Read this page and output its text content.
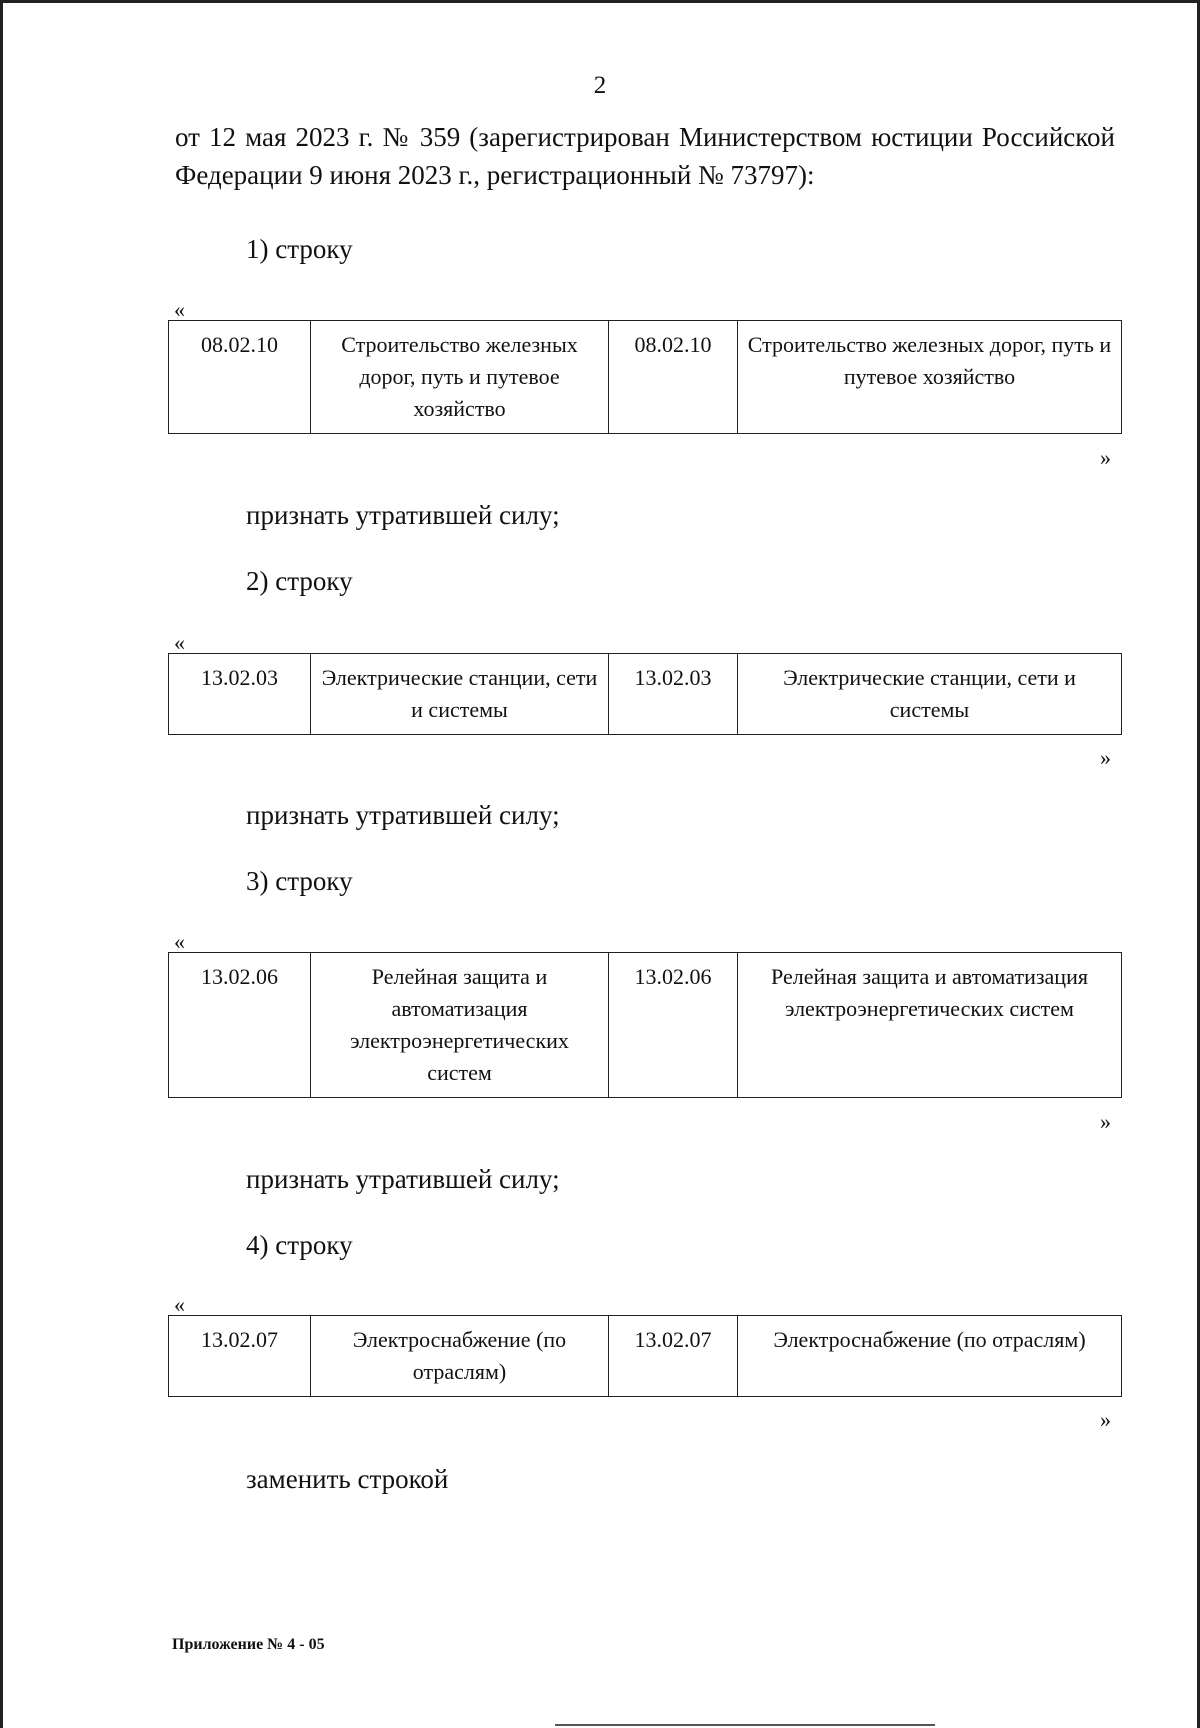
2
от 12 мая 2023 г. № 359 (зарегистрирован Министерством юстиции Российской Федерации 9 июня 2023 г., регистрационный № 73797):
1) строку
«
08.02.10	Строительство железных дорог, путь и путевое хозяйство	08.02.10	Строительство железных дорог, путь и путевое хозяйство
»
признать утратившей силу;
2) строку
«
13.02.03	Электрические станции, сети и системы	13.02.03	Электрические станции, сети и системы
»
признать утратившей силу;
3) строку
«
13.02.06	Релейная защита и автоматизация электроэнергетических систем	13.02.06	Релейная защита и автоматизация электроэнергетических систем
»
признать утратившей силу;
4) строку
«
13.02.07	Электроснабжение (по отраслям)	13.02.07	Электроснабжение (по отраслям)
»
заменить строкой
Приложение № 4 - 05
